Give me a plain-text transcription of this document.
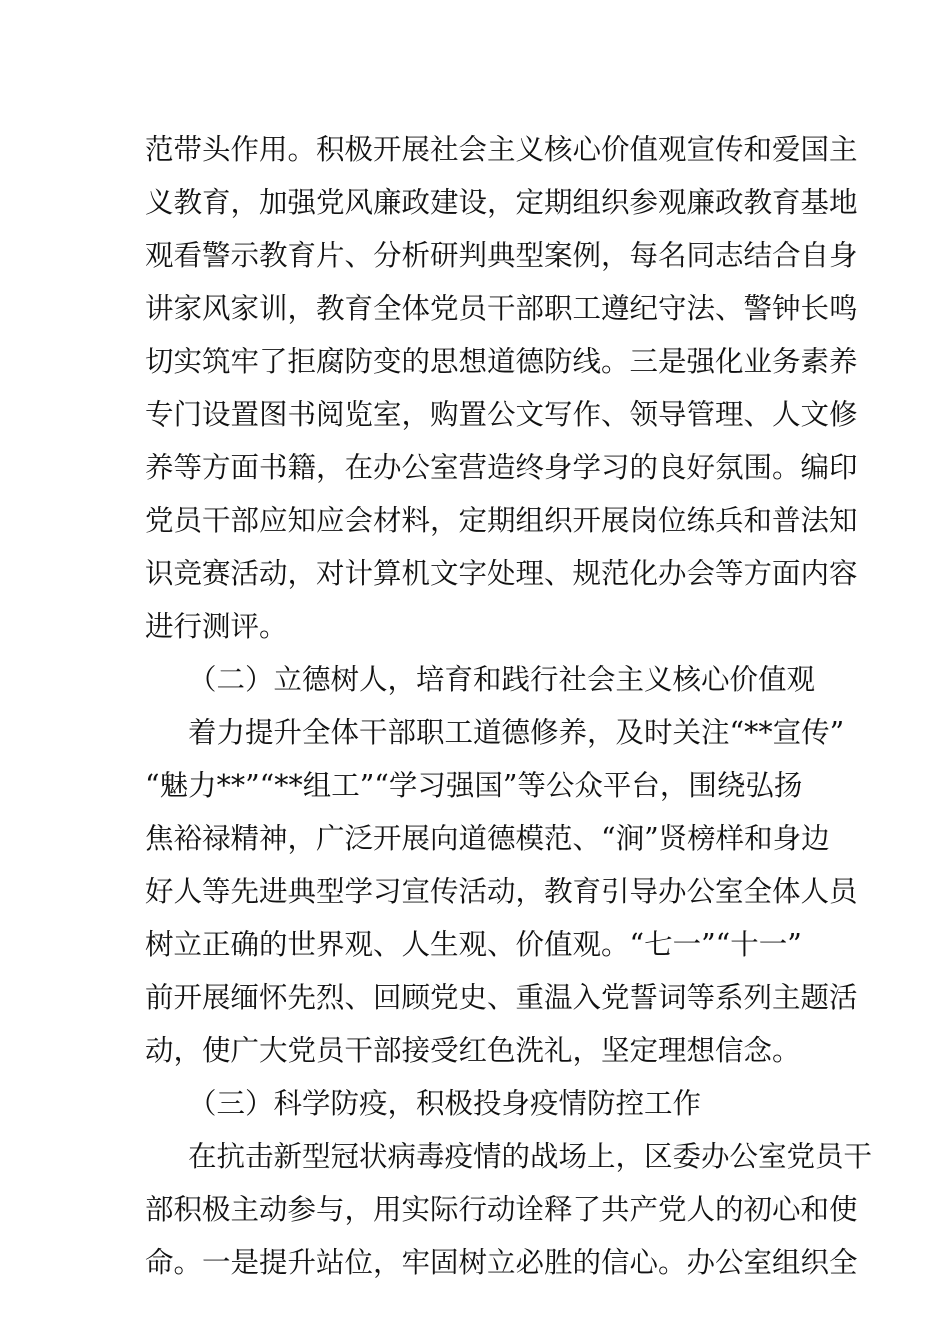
范带头作用。积极开展社会主义核心价值观宣传和爱国主
义教育，加强党风廉政建设，定期组织参观廉政教育基地
观看警示教育片、分析研判典型案例，每名同志结合自身
讲家风家训，教育全体党员干部职工遵纪守法、警钟长鸣
切实筑牢了拒腐防变的思想道德防线。三是强化业务素养
专门设置图书阅览室，购置公文写作、领导管理、人文修
养等方面书籍，在办公室营造终身学习的良好氛围。编印
党员干部应知应会材料，定期组织开展岗位练兵和普法知
识竞赛活动，对计算机文字处理、规范化办会等方面内容
进行测评。
（二）立德树人，培育和践行社会主义核心价值观
着力提升全体干部职工道德修养，及时关注“**宣传”
“魅力**”“**组工”“学习强国”等公众平台，围绕弘扬
焦裕禄精神，广泛开展向道德模范、“涧”贤榜样和身边
好人等先进典型学习宣传活动，教育引导办公室全体人员
树立正确的世界观、人生观、价值观。“七一”“十一”
前开展缅怀先烈、回顾党史、重温入党誓词等系列主题活
动，使广大党员干部接受红色洗礼，坚定理想信念。
（三）科学防疫，积极投身疫情防控工作
在抗击新型冠状病毒疫情的战场上，区委办公室党员干
部积极主动参与，用实际行动诠释了共产党人的初心和使
命。一是提升站位，牢固树立必胜的信心。办公室组织全
